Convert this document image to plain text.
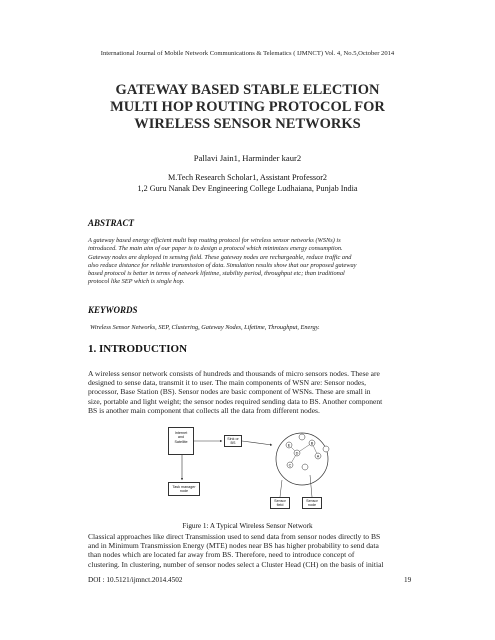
International Journal of Mobile Network Communications & Telematics ( IJMNCT) Vol. 4, No.5,October 2014
GATEWAY BASED STABLE ELECTION
MULTI HOP ROUTING PROTOCOL FOR
WIRELESS SENSOR NETWORKS
Pallavi Jain1, Harminder kaur2
M.Tech Research Scholar1, Assistant Professor2
1,2 Guru Nanak Dev Engineering College Ludhaiana, Punjab India
ABSTRACT
A gateway based energy efficient multi hop routing protocol for wireless sensor networks (WSNs) is
introduced. The main aim of our paper is to design a protocol which minimizes energy consumption.
Gateway nodes are deployed in sensing field. These gateway nodes are rechargeable, reduce traffic and
also reduce distance for reliable transmission of data. Simulation results show that our proposed gateway
based protocol is better in terms of network lifetime, stability period, throughput etc; than traditional
protocol like SEP which is single hop.
KEYWORDS
Wireless Sensor Networks, SEP, Clustering, Gateway Nodes, Lifetime, Throughput, Energy.
1. INTRODUCTION
A wireless sensor network consists of hundreds and thousands of micro sensors nodes. These are
designed to sense data, transmit it to user. The main components of WSN are: Sensor nodes,
processor, Base Station (BS). Sensor nodes are basic component of WSNs. These are small in
size, portable and light weight; the sensor nodes required sending data to BS. Another component
BS is another main component that collects all the data from different nodes.
E
D
B
A
C
Internet
and
Satellite
Sink or
BS
Task manager
node
Sensor
field
Sensor
node
Figure 1: A Typical Wireless Sensor Network
Classical approaches like direct Transmission used to send data from sensor nodes directly to BS
and in Minimum Transmission Energy (MTE) nodes near BS has higher probability to send data
than nodes which are located far away from BS. Therefore, need to introduce concept of
clustering. In clustering, number of sensor nodes select a Cluster Head (CH) on the basis of initial
DOI : 10.5121/ijmnct.2014.4502	19
